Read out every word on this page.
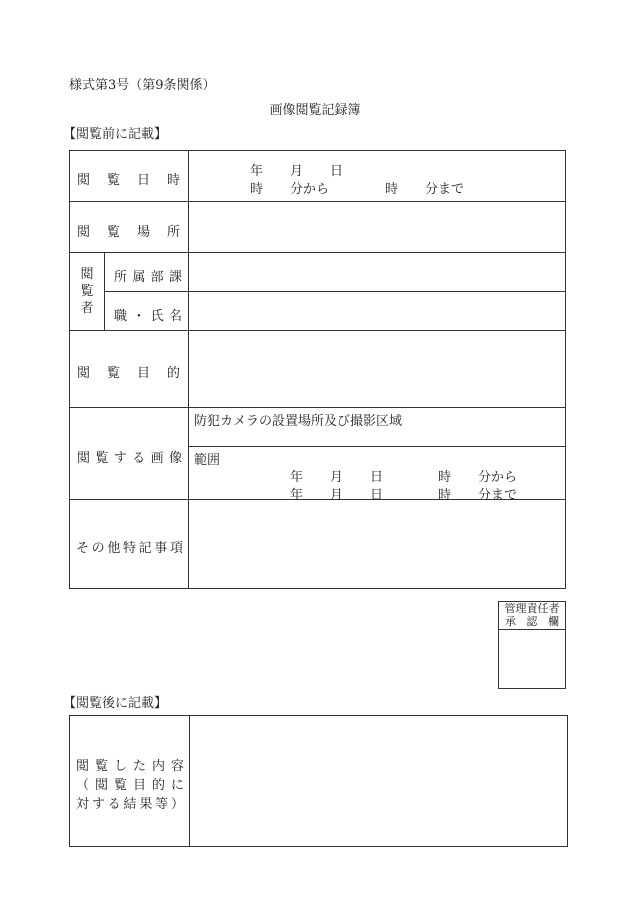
様式第3号（第9条関係）
画像閲覧記録簿
【閲覧前に記載】
閲 覧 日 時
年 月 日
時 分から	時 分まで
閲 覧 場 所
閲
覧
者
所 属 部 課
職 ・ 氏 名
閲 覧 目 的
閲 覧 す る 画 像
防犯カメラの設置場所及び撮影区域
範囲
年 月 日	時 分から
年 月 日	時 分まで
そ の 他 特 記 事 項
管理責任者
承 認 欄
【閲覧後に記載】
閲 覧 し た 内 容
（ 閲 覧 目 的 に
対 す る 結 果 等 ）
